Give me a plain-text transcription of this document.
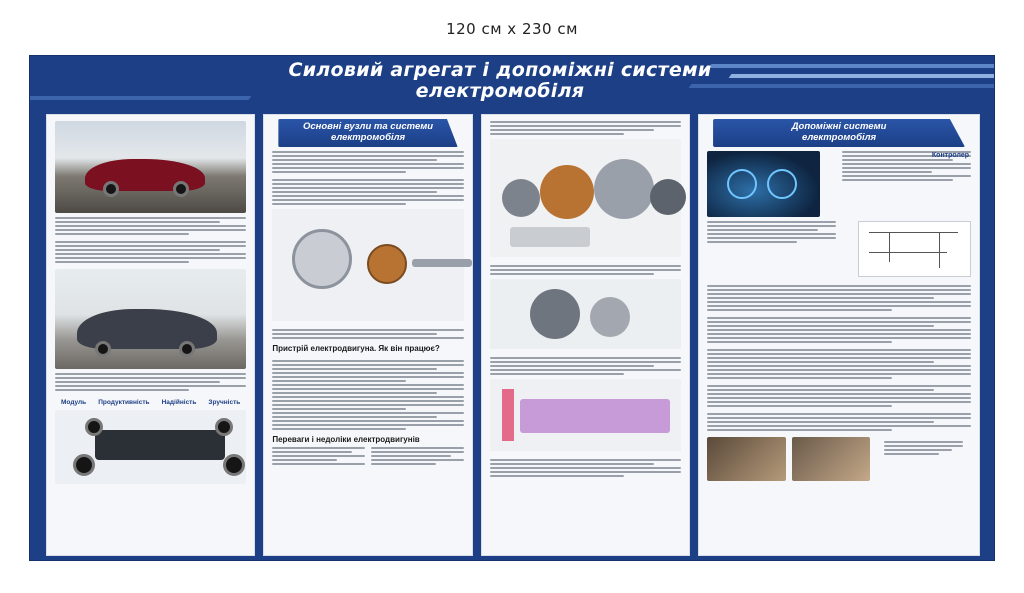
120 см х 230 см
Силовий агрегат і допоміжні системи
електромобіля
Модуль Продуктивність Надійність Зручність
Основні вузли та системи
електромобіля
Пристрій електродвигуна. Як він працює?
Переваги і недоліки електродвигунів
Допоміжні системи
електромобіля
Контролер
